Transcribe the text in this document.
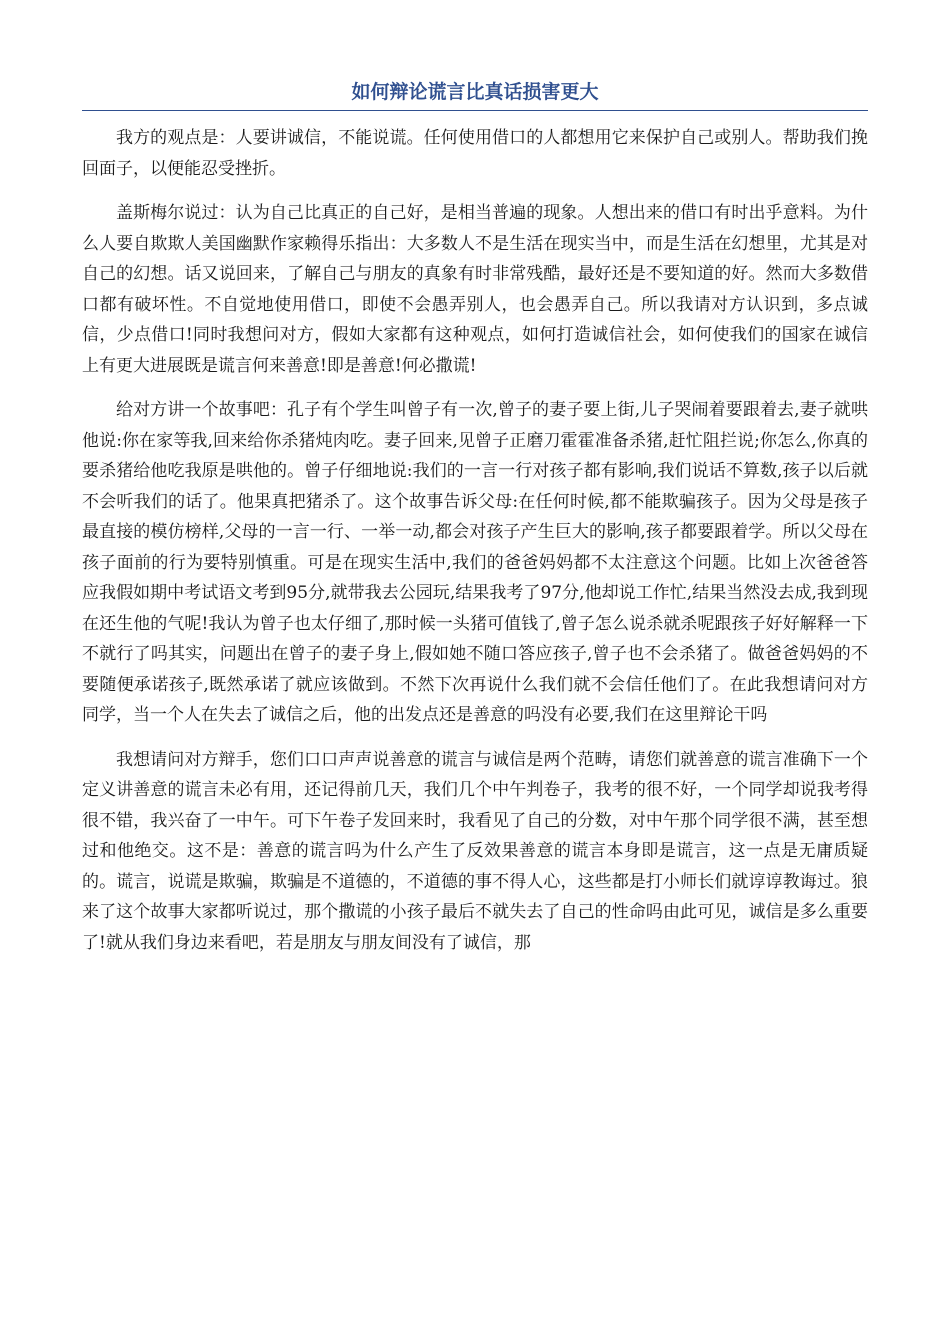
如何辩论谎言比真话损害更大

我方的观点是：人要讲诚信，不能说谎。任何使用借口的人都想用它来保护自己或别人。帮助我们挽回面子，以便能忍受挫折。

盖斯梅尔说过：认为自己比真正的自己好，是相当普遍的现象。人想出来的借口有时出乎意料。为什么人要自欺欺人美国幽默作家赖得乐指出：大多数人不是生活在现实当中，而是生活在幻想里，尤其是对自己的幻想。话又说回来，了解自己与朋友的真象有时非常残酷，最好还是不要知道的好。然而大多数借口都有破坏性。不自觉地使用借口，即使不会愚弄别人，也会愚弄自己。所以我请对方认识到，多点诚信，少点借口!同时我想问对方，假如大家都有这种观点，如何打造诚信社会，如何使我们的国家在诚信上有更大进展既是谎言何来善意!即是善意!何必撒谎!

给对方讲一个故事吧：孔子有个学生叫曾子有一次,曾子的妻子要上街,儿子哭闹着要跟着去,妻子就哄他说:你在家等我,回来给你杀猪炖肉吃。妻子回来,见曾子正磨刀霍霍准备杀猪,赶忙阻拦说;你怎么,你真的要杀猪给他吃我原是哄他的。曾子仔细地说:我们的一言一行对孩子都有影响,我们说话不算数,孩子以后就不会听我们的话了。他果真把猪杀了。这个故事告诉父母:在任何时候,都不能欺骗孩子。因为父母是孩子最直接的模仿榜样,父母的一言一行、一举一动,都会对孩子产生巨大的影响,孩子都要跟着学。所以父母在孩子面前的行为要特别慎重。可是在现实生活中,我们的爸爸妈妈都不太注意这个问题。比如上次爸爸答应我假如期中考试语文考到95分,就带我去公园玩,结果我考了97分,他却说工作忙,结果当然没去成,我到现在还生他的气呢!我认为曾子也太仔细了,那时候一头猪可值钱了,曾子怎么说杀就杀呢跟孩子好好解释一下不就行了吗其实，问题出在曾子的妻子身上,假如她不随口答应孩子,曾子也不会杀猪了。做爸爸妈妈的不要随便承诺孩子,既然承诺了就应该做到。不然下次再说什么我们就不会信任他们了。在此我想请问对方同学，当一个人在失去了诚信之后，他的出发点还是善意的吗没有必要,我们在这里辩论干吗

我想请问对方辩手，您们口口声声说善意的谎言与诚信是两个范畴，请您们就善意的谎言准确下一个定义讲善意的谎言未必有用，还记得前几天，我们几个中午判卷子，我考的很不好，一个同学却说我考得很不错，我兴奋了一中午。可下午卷子发回来时，我看见了自己的分数，对中午那个同学很不满，甚至想过和他绝交。这不是：善意的谎言吗为什么产生了反效果善意的谎言本身即是谎言，这一点是无庸质疑的。谎言，说谎是欺骗，欺骗是不道德的，不道德的事不得人心，这些都是打小师长们就谆谆教诲过。狼来了这个故事大家都听说过，那个撒谎的小孩子最后不就失去了自己的性命吗由此可见，诚信是多么重要了!就从我们身边来看吧，若是朋友与朋友间没有了诚信，那
